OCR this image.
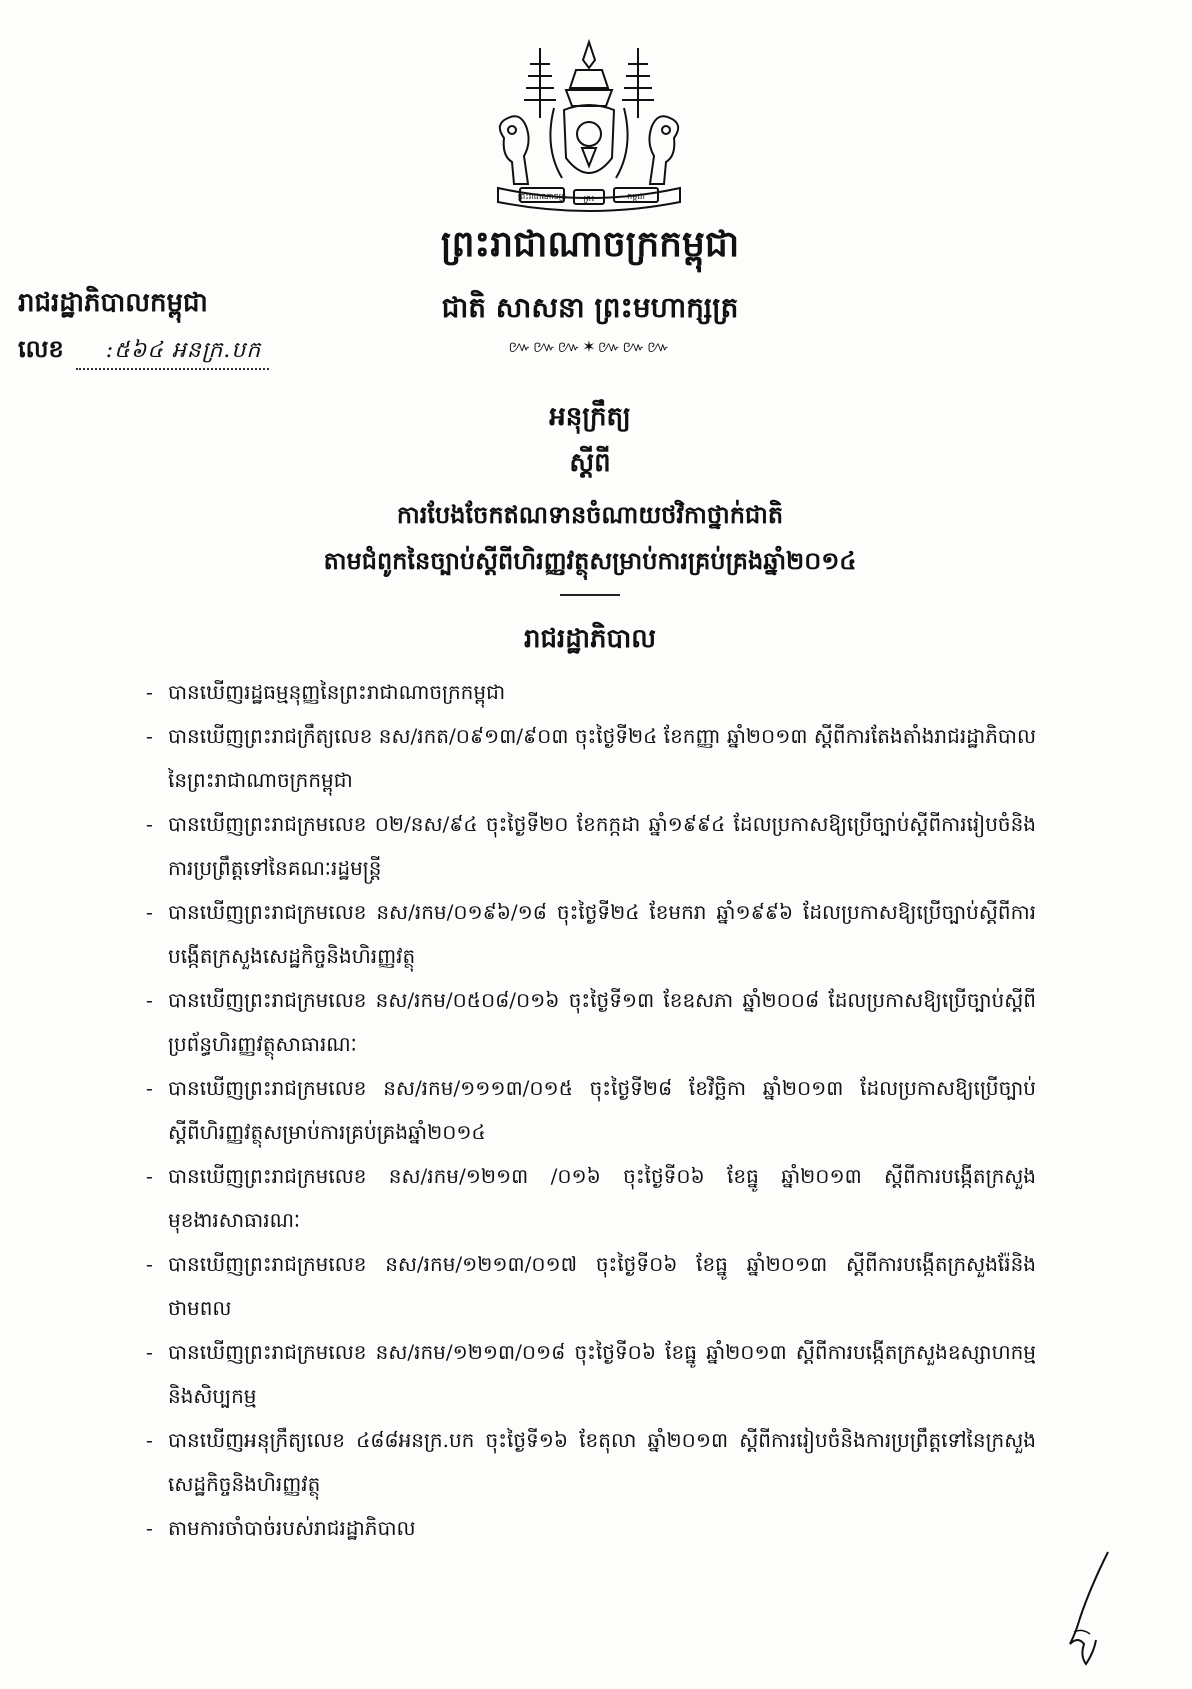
ព្រះរាជាណាចក្រ ព្រះ	កម្ពុជា
ព្រះរាជាណាចក្រកម្ពុជា
ជាតិ សាសនា ព្រះមហាក្សត្រ
៚៚៚✶៚៚៚
រាជរដ្ឋាភិបាលកម្ពុជា
លេខ	:៥៦៤ អនក្រ.បក
អនុក្រឹត្យ
ស្តីពី
ការបែងចែកឥណទានចំណាយថវិកាថ្នាក់ជាតិ
តាមជំពូកនៃច្បាប់ស្តីពីហិរញ្ញវត្ថុសម្រាប់ការគ្រប់គ្រងឆ្នាំ២០១៤
រាជរដ្ឋាភិបាល
- បានឃើញរដ្ឋធម្មនុញ្ញនៃព្រះរាជាណាចក្រកម្ពុជា
- បានឃើញព្រះរាជក្រឹត្យលេខ នស/រកត/០៩១៣/៩០៣ ចុះថ្ងៃទី២៤ ខែកញ្ញា ឆ្នាំ២០១៣ ស្តីពីការតែងតាំងរាជរដ្ឋាភិបាលនៃព្រះរាជាណាចក្រកម្ពុជា
- បានឃើញព្រះរាជក្រមលេខ ០២/នស/៩៤ ចុះថ្ងៃទី២០ ខែកក្កដា ឆ្នាំ១៩៩៤ ដែលប្រកាសឱ្យប្រើច្បាប់ស្តីពីការរៀបចំនិងការប្រព្រឹត្តទៅនៃគណៈរដ្ឋមន្ត្រី
- បានឃើញព្រះរាជក្រមលេខ នស/រកម/០១៩៦/១៨ ចុះថ្ងៃទី២៤ ខែមករា ឆ្នាំ១៩៩៦ ដែលប្រកាសឱ្យប្រើច្បាប់ស្តីពីការបង្កើតក្រសួងសេដ្ឋកិច្ចនិងហិរញ្ញវត្ថុ
- បានឃើញព្រះរាជក្រមលេខ នស/រកម/០៥០៨/០១៦ ចុះថ្ងៃទី១៣ ខែឧសភា ឆ្នាំ២០០៨ ដែលប្រកាសឱ្យប្រើច្បាប់ស្តីពីប្រព័ន្ធហិរញ្ញវត្ថុសាធារណៈ
- បានឃើញព្រះរាជក្រមលេខ នស/រកម/១១១៣/០១៥ ចុះថ្ងៃទី២៨ ខែវិច្ឆិកា ឆ្នាំ២០១៣ ដែលប្រកាសឱ្យប្រើច្បាប់ស្តីពីហិរញ្ញវត្ថុសម្រាប់ការគ្រប់គ្រងឆ្នាំ២០១៤
- បានឃើញព្រះរាជក្រមលេខ នស/រកម/១២១៣ /០១៦ ចុះថ្ងៃទី០៦ ខែធ្នូ ឆ្នាំ២០១៣ ស្តីពីការបង្កើតក្រសួងមុខងារសាធារណៈ
- បានឃើញព្រះរាជក្រមលេខ នស/រកម/១២១៣/០១៧ ចុះថ្ងៃទី០៦ ខែធ្នូ ឆ្នាំ២០១៣ ស្តីពីការបង្កើតក្រសួងរ៉ែនិងថាមពល
- បានឃើញព្រះរាជក្រមលេខ នស/រកម/១២១៣/០១៨ ចុះថ្ងៃទី០៦ ខែធ្នូ ឆ្នាំ២០១៣ ស្តីពីការបង្កើតក្រសួងឧស្សាហកម្មនិងសិប្បកម្ម
- បានឃើញអនុក្រឹត្យលេខ ៤៨៨អនក្រ.បក ចុះថ្ងៃទី១៦ ខែតុលា ឆ្នាំ២០១៣ ស្តីពីការរៀបចំនិងការប្រព្រឹត្តទៅនៃក្រសួងសេដ្ឋកិច្ចនិងហិរញ្ញវត្ថុ
- តាមការចាំបាច់របស់រាជរដ្ឋាភិបាល
